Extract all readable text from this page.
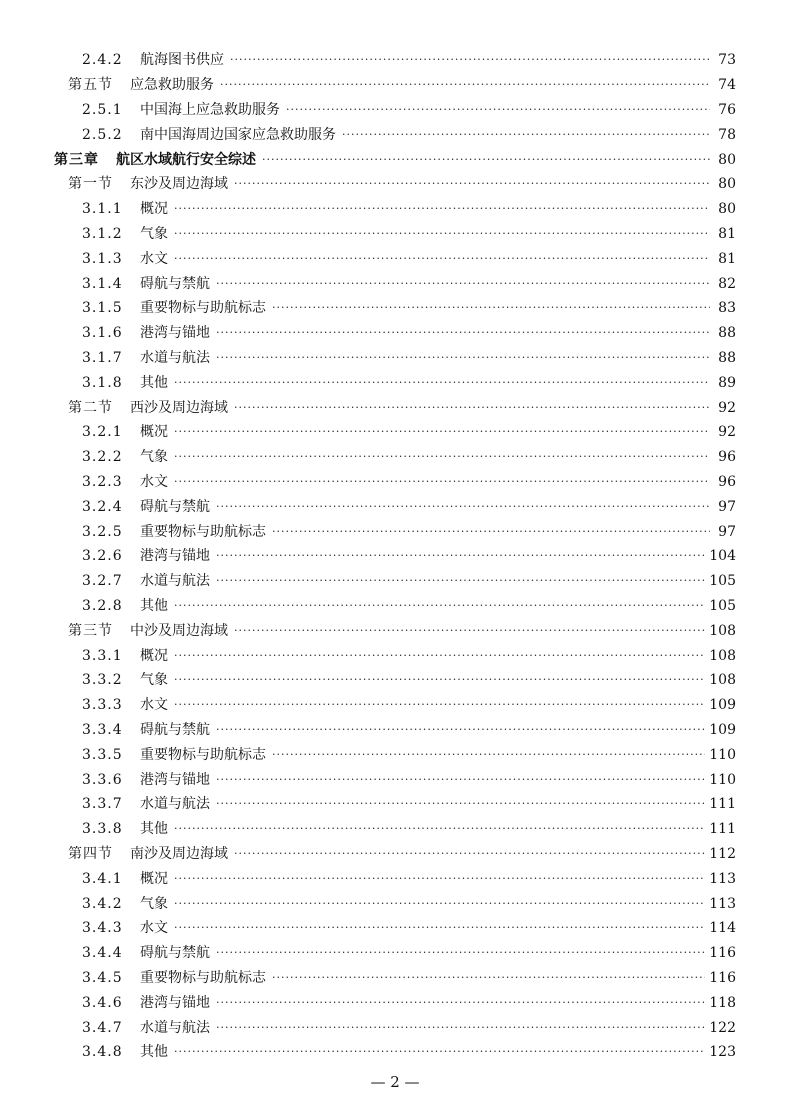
2.4.2	航海图书供应 ·····	73
第五节	应急救助服务 ·····	74
2.5.1	中国海上应急救助服务 ·····	76
2.5.2	南中国海周边国家应急救助服务 ·····	78
第三章	航区水域航行安全综述 ·····	80
第一节	东沙及周边海域 ·····	80
3.1.1	概况 ·····	80
3.1.2	气象 ·····	81
3.1.3	水文 ·····	81
3.1.4	碍航与禁航 ·····	82
3.1.5	重要物标与助航标志 ·····	83
3.1.6	港湾与锚地 ·····	88
3.1.7	水道与航法 ·····	88
3.1.8	其他 ·····	89
第二节	西沙及周边海域 ·····	92
3.2.1	概况 ·····	92
3.2.2	气象 ·····	96
3.2.3	水文 ·····	96
3.2.4	碍航与禁航 ·····	97
3.2.5	重要物标与助航标志 ·····	97
3.2.6	港湾与锚地 ·····	104
3.2.7	水道与航法 ·····	105
3.2.8	其他 ·····	105
第三节	中沙及周边海域 ·····	108
3.3.1	概况 ·····	108
3.3.2	气象 ·····	108
3.3.3	水文 ·····	109
3.3.4	碍航与禁航 ·····	109
3.3.5	重要物标与助航标志 ·····	110
3.3.6	港湾与锚地 ·····	110
3.3.7	水道与航法 ·····	111
3.3.8	其他 ·····	111
第四节	南沙及周边海域 ·····	112
3.4.1	概况 ·····	113
3.4.2	气象 ·····	113
3.4.3	水文 ·····	114
3.4.4	碍航与禁航 ·····	116
3.4.5	重要物标与助航标志 ·····	116
3.4.6	港湾与锚地 ·····	118
3.4.7	水道与航法 ·····	122
3.4.8	其他 ·····	123
— 2 —
